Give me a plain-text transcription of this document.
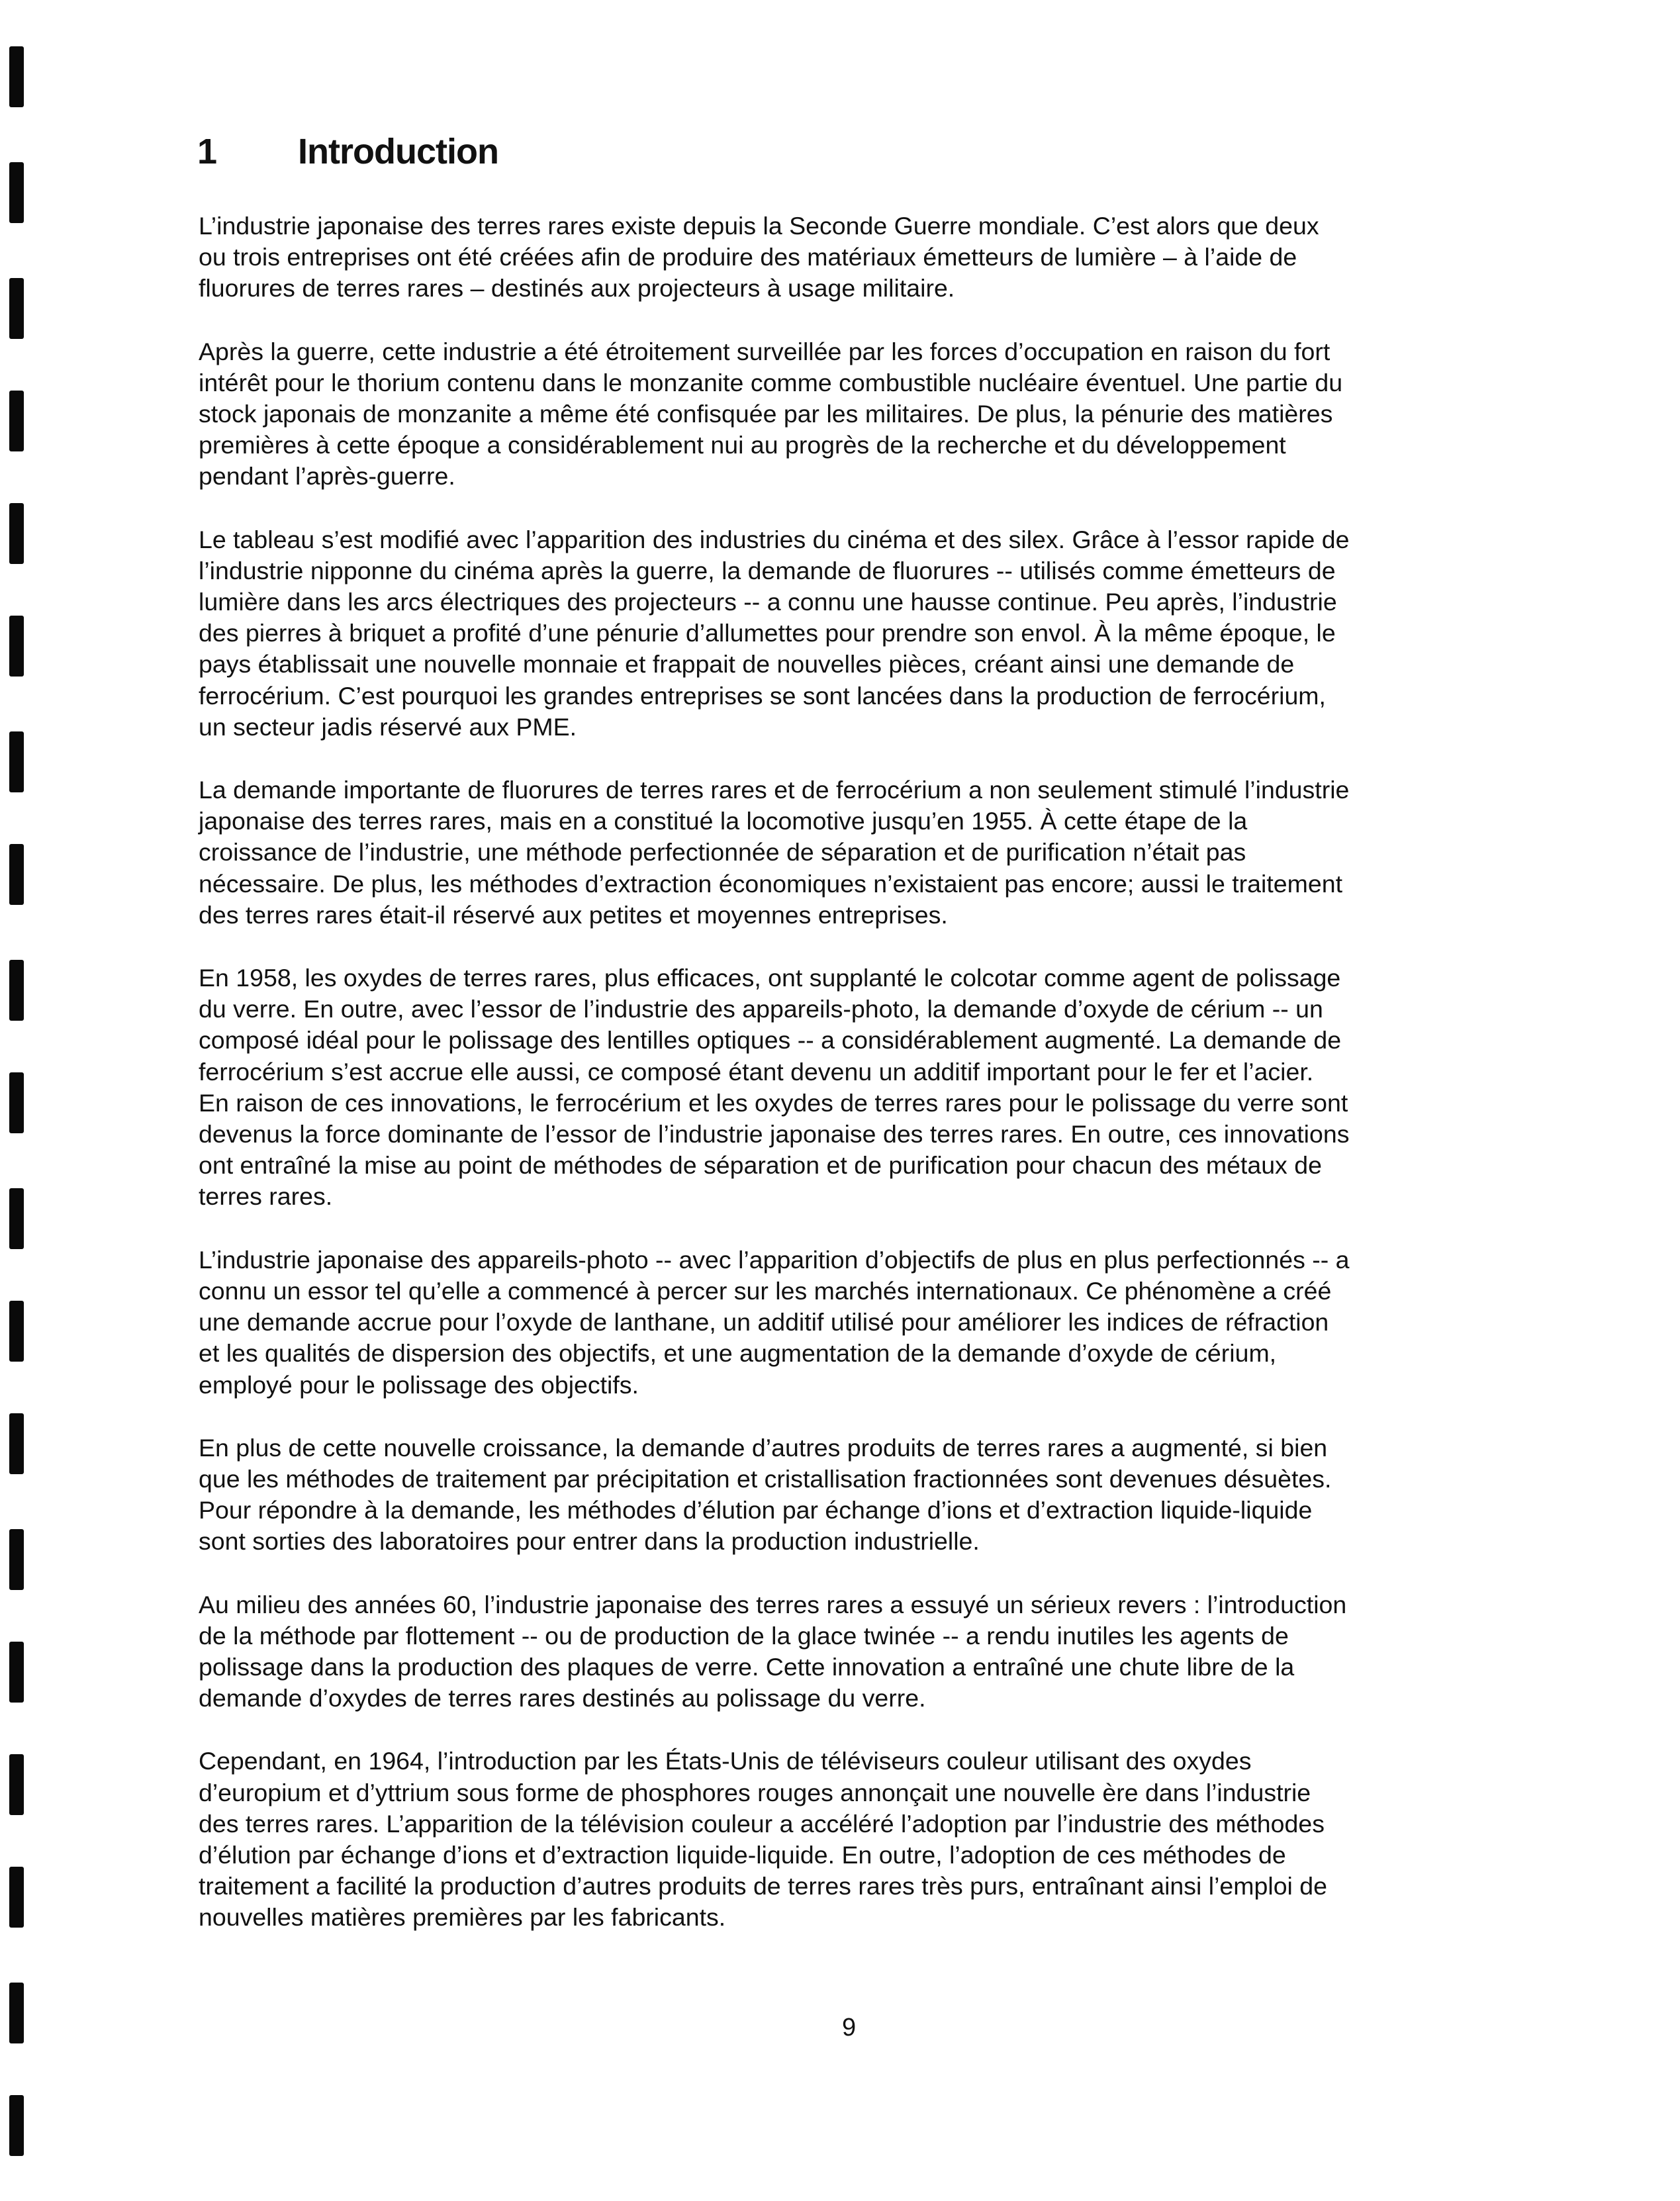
1 Introduction

L’industrie japonaise des terres rares existe depuis la Seconde Guerre mondiale. C’est alors que deux
ou trois entreprises ont été créées afin de produire des matériaux émetteurs de lumière – à l’aide de
fluorures de terres rares – destinés aux projecteurs à usage militaire.

Après la guerre, cette industrie a été étroitement surveillée par les forces d’occupation en raison du fort
intérêt pour le thorium contenu dans le monzanite comme combustible nucléaire éventuel. Une partie du
stock japonais de monzanite a même été confisquée par les militaires. De plus, la pénurie des matières
premières à cette époque a considérablement nui au progrès de la recherche et du développement
pendant l’après-guerre.

Le tableau s’est modifié avec l’apparition des industries du cinéma et des silex. Grâce à l’essor rapide de
l’industrie nipponne du cinéma après la guerre, la demande de fluorures -- utilisés comme émetteurs de
lumière dans les arcs électriques des projecteurs -- a connu une hausse continue. Peu après, l’industrie
des pierres à briquet a profité d’une pénurie d’allumettes pour prendre son envol. À la même époque, le
pays établissait une nouvelle monnaie et frappait de nouvelles pièces, créant ainsi une demande de
ferrocérium. C’est pourquoi les grandes entreprises se sont lancées dans la production de ferrocérium,
un secteur jadis réservé aux PME.

La demande importante de fluorures de terres rares et de ferrocérium a non seulement stimulé l’industrie
japonaise des terres rares, mais en a constitué la locomotive jusqu’en 1955. À cette étape de la
croissance de l’industrie, une méthode perfectionnée de séparation et de purification n’était pas
nécessaire. De plus, les méthodes d’extraction économiques n’existaient pas encore; aussi le traitement
des terres rares était-il réservé aux petites et moyennes entreprises.

En 1958, les oxydes de terres rares, plus efficaces, ont supplanté le colcotar comme agent de polissage
du verre. En outre, avec l’essor de l’industrie des appareils-photo, la demande d’oxyde de cérium -- un
composé idéal pour le polissage des lentilles optiques -- a considérablement augmenté. La demande de
ferrocérium s’est accrue elle aussi, ce composé étant devenu un additif important pour le fer et l’acier.
En raison de ces innovations, le ferrocérium et les oxydes de terres rares pour le polissage du verre sont
devenus la force dominante de l’essor de l’industrie japonaise des terres rares. En outre, ces innovations
ont entraîné la mise au point de méthodes de séparation et de purification pour chacun des métaux de
terres rares.

L’industrie japonaise des appareils-photo -- avec l’apparition d’objectifs de plus en plus perfectionnés -- a
connu un essor tel qu’elle a commencé à percer sur les marchés internationaux. Ce phénomène a créé
une demande accrue pour l’oxyde de lanthane, un additif utilisé pour améliorer les indices de réfraction
et les qualités de dispersion des objectifs, et une augmentation de la demande d’oxyde de cérium,
employé pour le polissage des objectifs.

En plus de cette nouvelle croissance, la demande d’autres produits de terres rares a augmenté, si bien
que les méthodes de traitement par précipitation et cristallisation fractionnées sont devenues désuètes.
Pour répondre à la demande, les méthodes d’élution par échange d’ions et d’extraction liquide-liquide
sont sorties des laboratoires pour entrer dans la production industrielle.

Au milieu des années 60, l’industrie japonaise des terres rares a essuyé un sérieux revers : l’introduction
de la méthode par flottement -- ou de production de la glace twinée -- a rendu inutiles les agents de
polissage dans la production des plaques de verre. Cette innovation a entraîné une chute libre de la
demande d’oxydes de terres rares destinés au polissage du verre.

Cependant, en 1964, l’introduction par les États-Unis de téléviseurs couleur utilisant des oxydes
d’europium et d’yttrium sous forme de phosphores rouges annonçait une nouvelle ère dans l’industrie
des terres rares. L’apparition de la télévision couleur a accéléré l’adoption par l’industrie des méthodes
d’élution par échange d’ions et d’extraction liquide-liquide. En outre, l’adoption de ces méthodes de
traitement a facilité la production d’autres produits de terres rares très purs, entraînant ainsi l’emploi de
nouvelles matières premières par les fabricants.

9
